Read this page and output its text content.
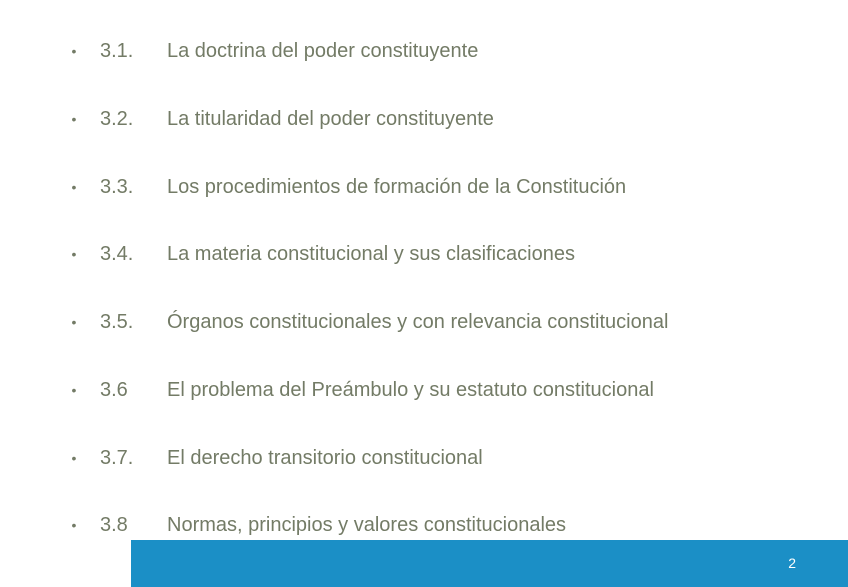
• 3.1. La doctrina del poder constituyente
• 3.2. La titularidad del poder constituyente
• 3.3. Los procedimientos de formación de la Constitución
• 3.4. La materia constitucional y sus clasificaciones
• 3.5. Órganos constitucionales y con relevancia constitucional
• 3.6 El problema del Preámbulo y su estatuto constitucional
• 3.7. El derecho transitorio constitucional
• 3.8 Normas, principios y valores constitucionales
2
